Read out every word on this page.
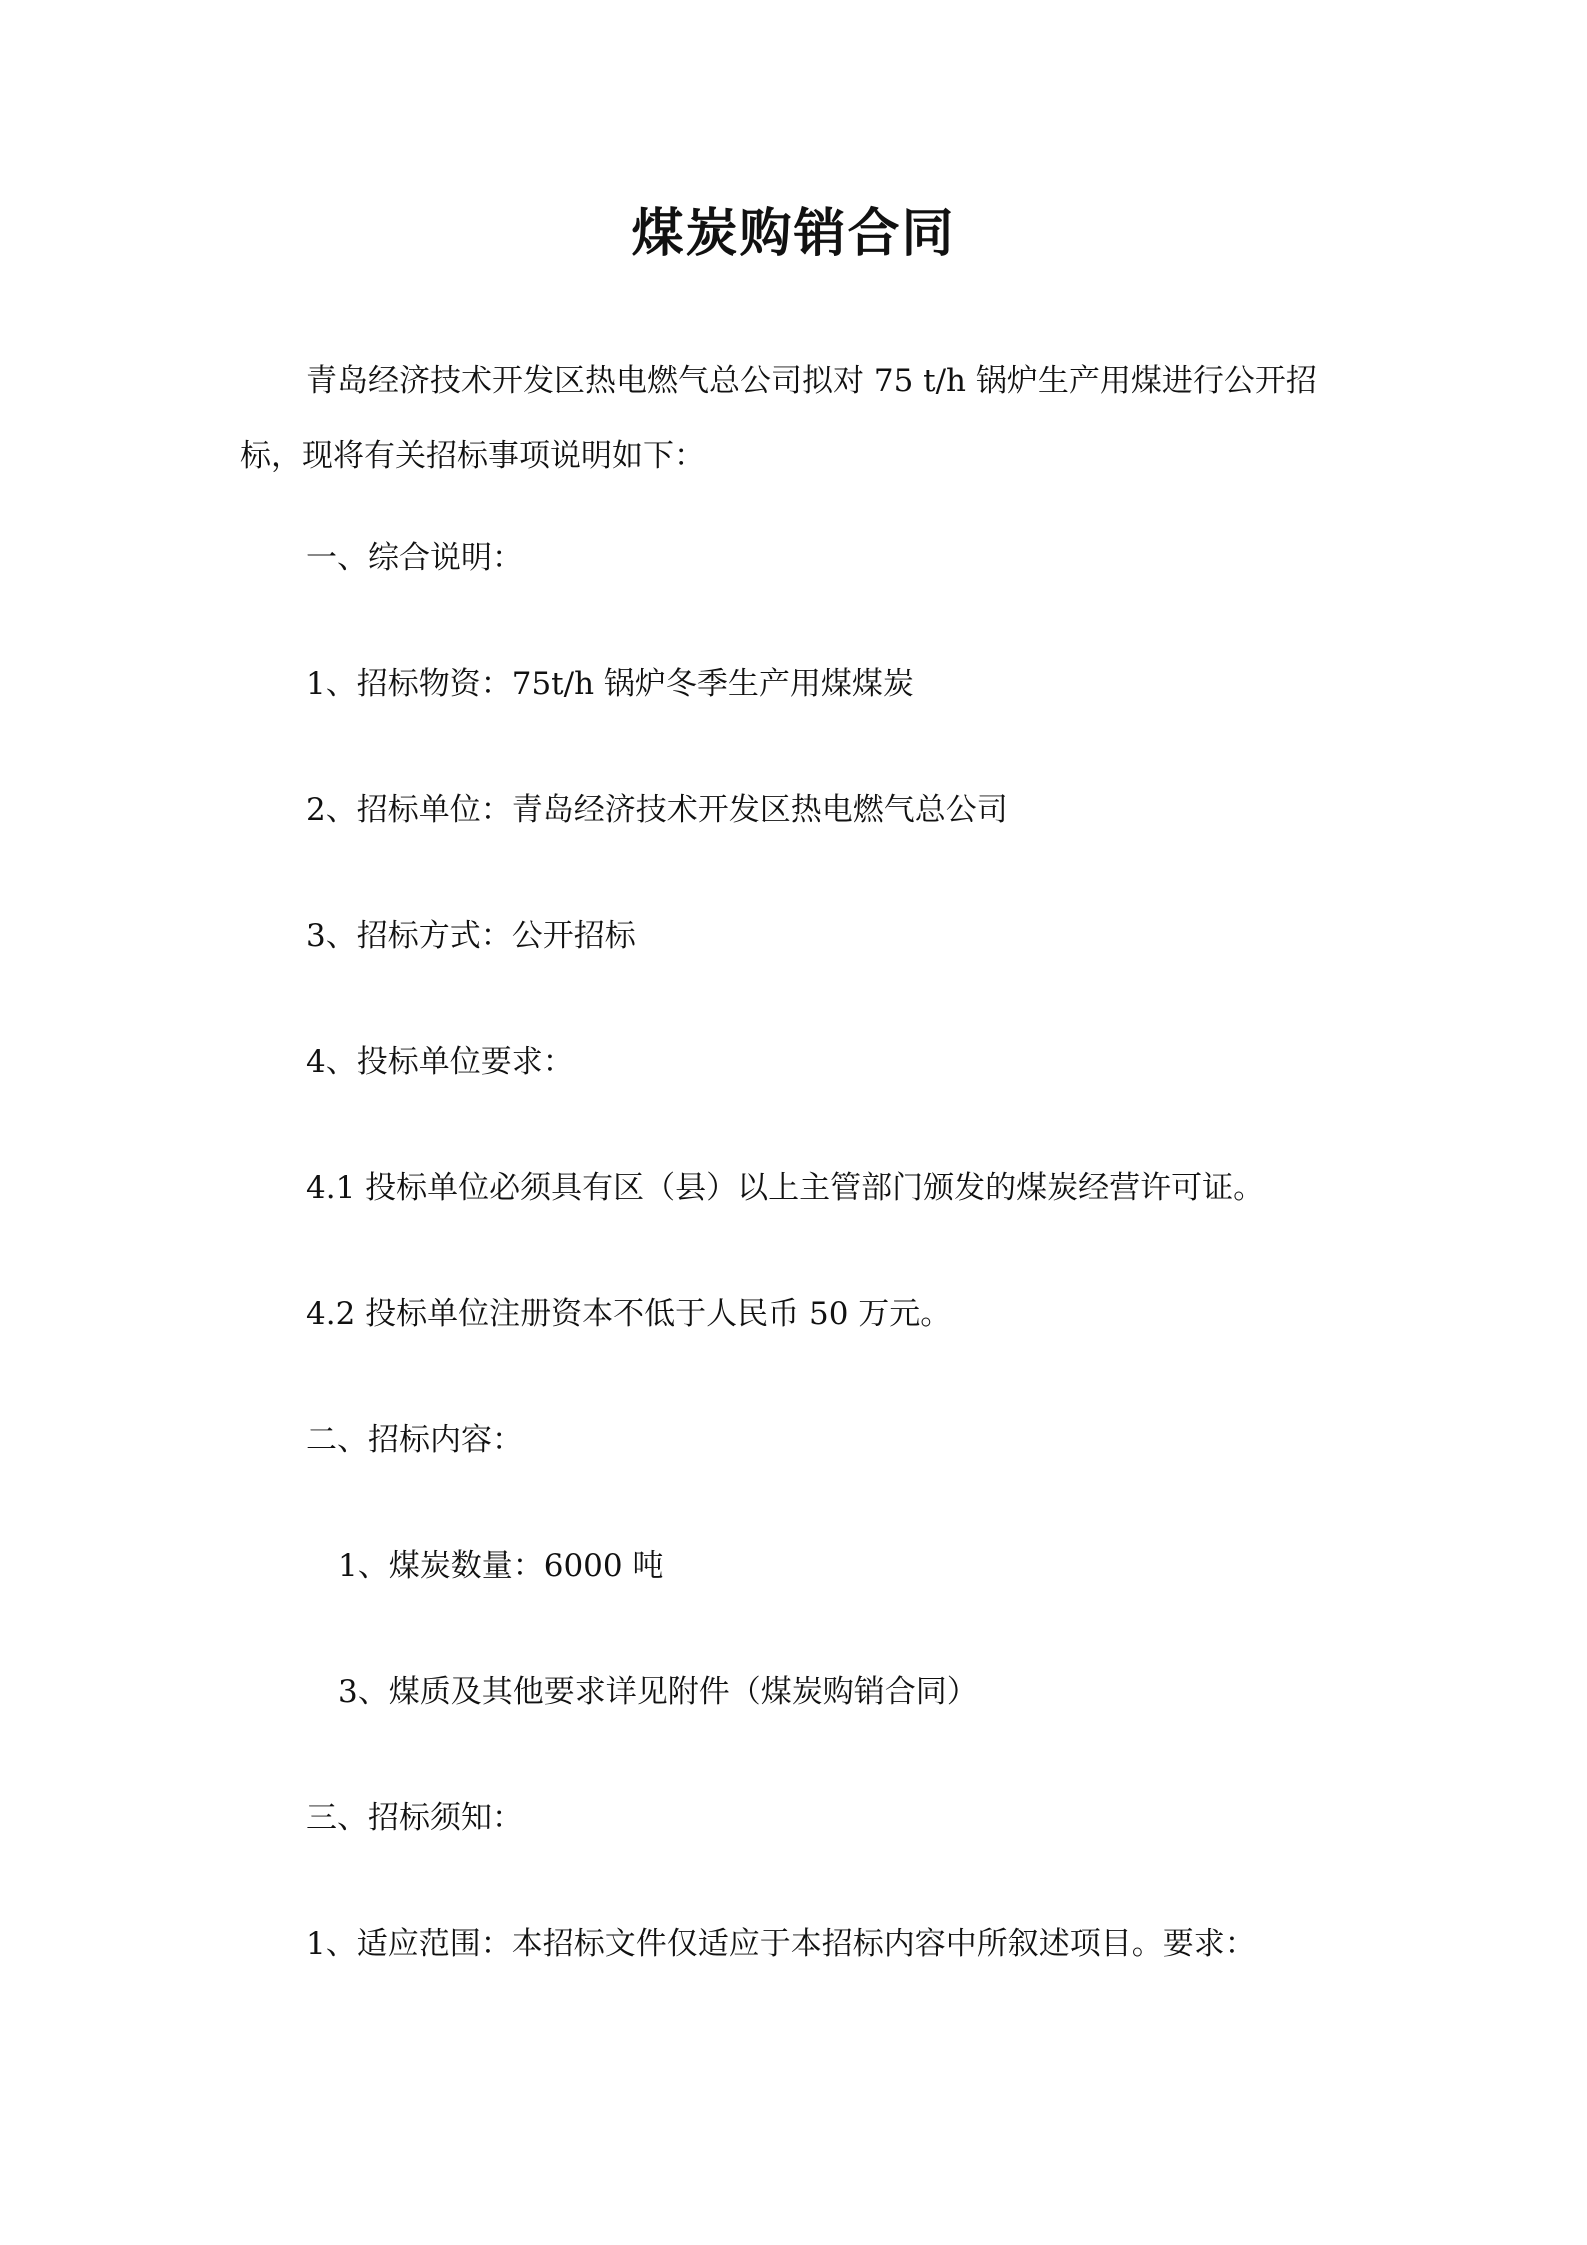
煤炭购销合同

青岛经济技术开发区热电燃气总公司拟对 75 t/h 锅炉生产用煤进行公开招标，现将有关招标事项说明如下：

一、综合说明：

1、招标物资：75t/h 锅炉冬季生产用煤煤炭

2、招标单位：青岛经济技术开发区热电燃气总公司

3、招标方式：公开招标

4、投标单位要求：

4.1 投标单位必须具有区（县）以上主管部门颁发的煤炭经营许可证。

4.2 投标单位注册资本不低于人民币 50 万元。

二、招标内容：

1、煤炭数量：6000 吨

3、煤质及其他要求详见附件（煤炭购销合同）

三、招标须知：

1、适应范围：本招标文件仅适应于本招标内容中所叙述项目。要求：
